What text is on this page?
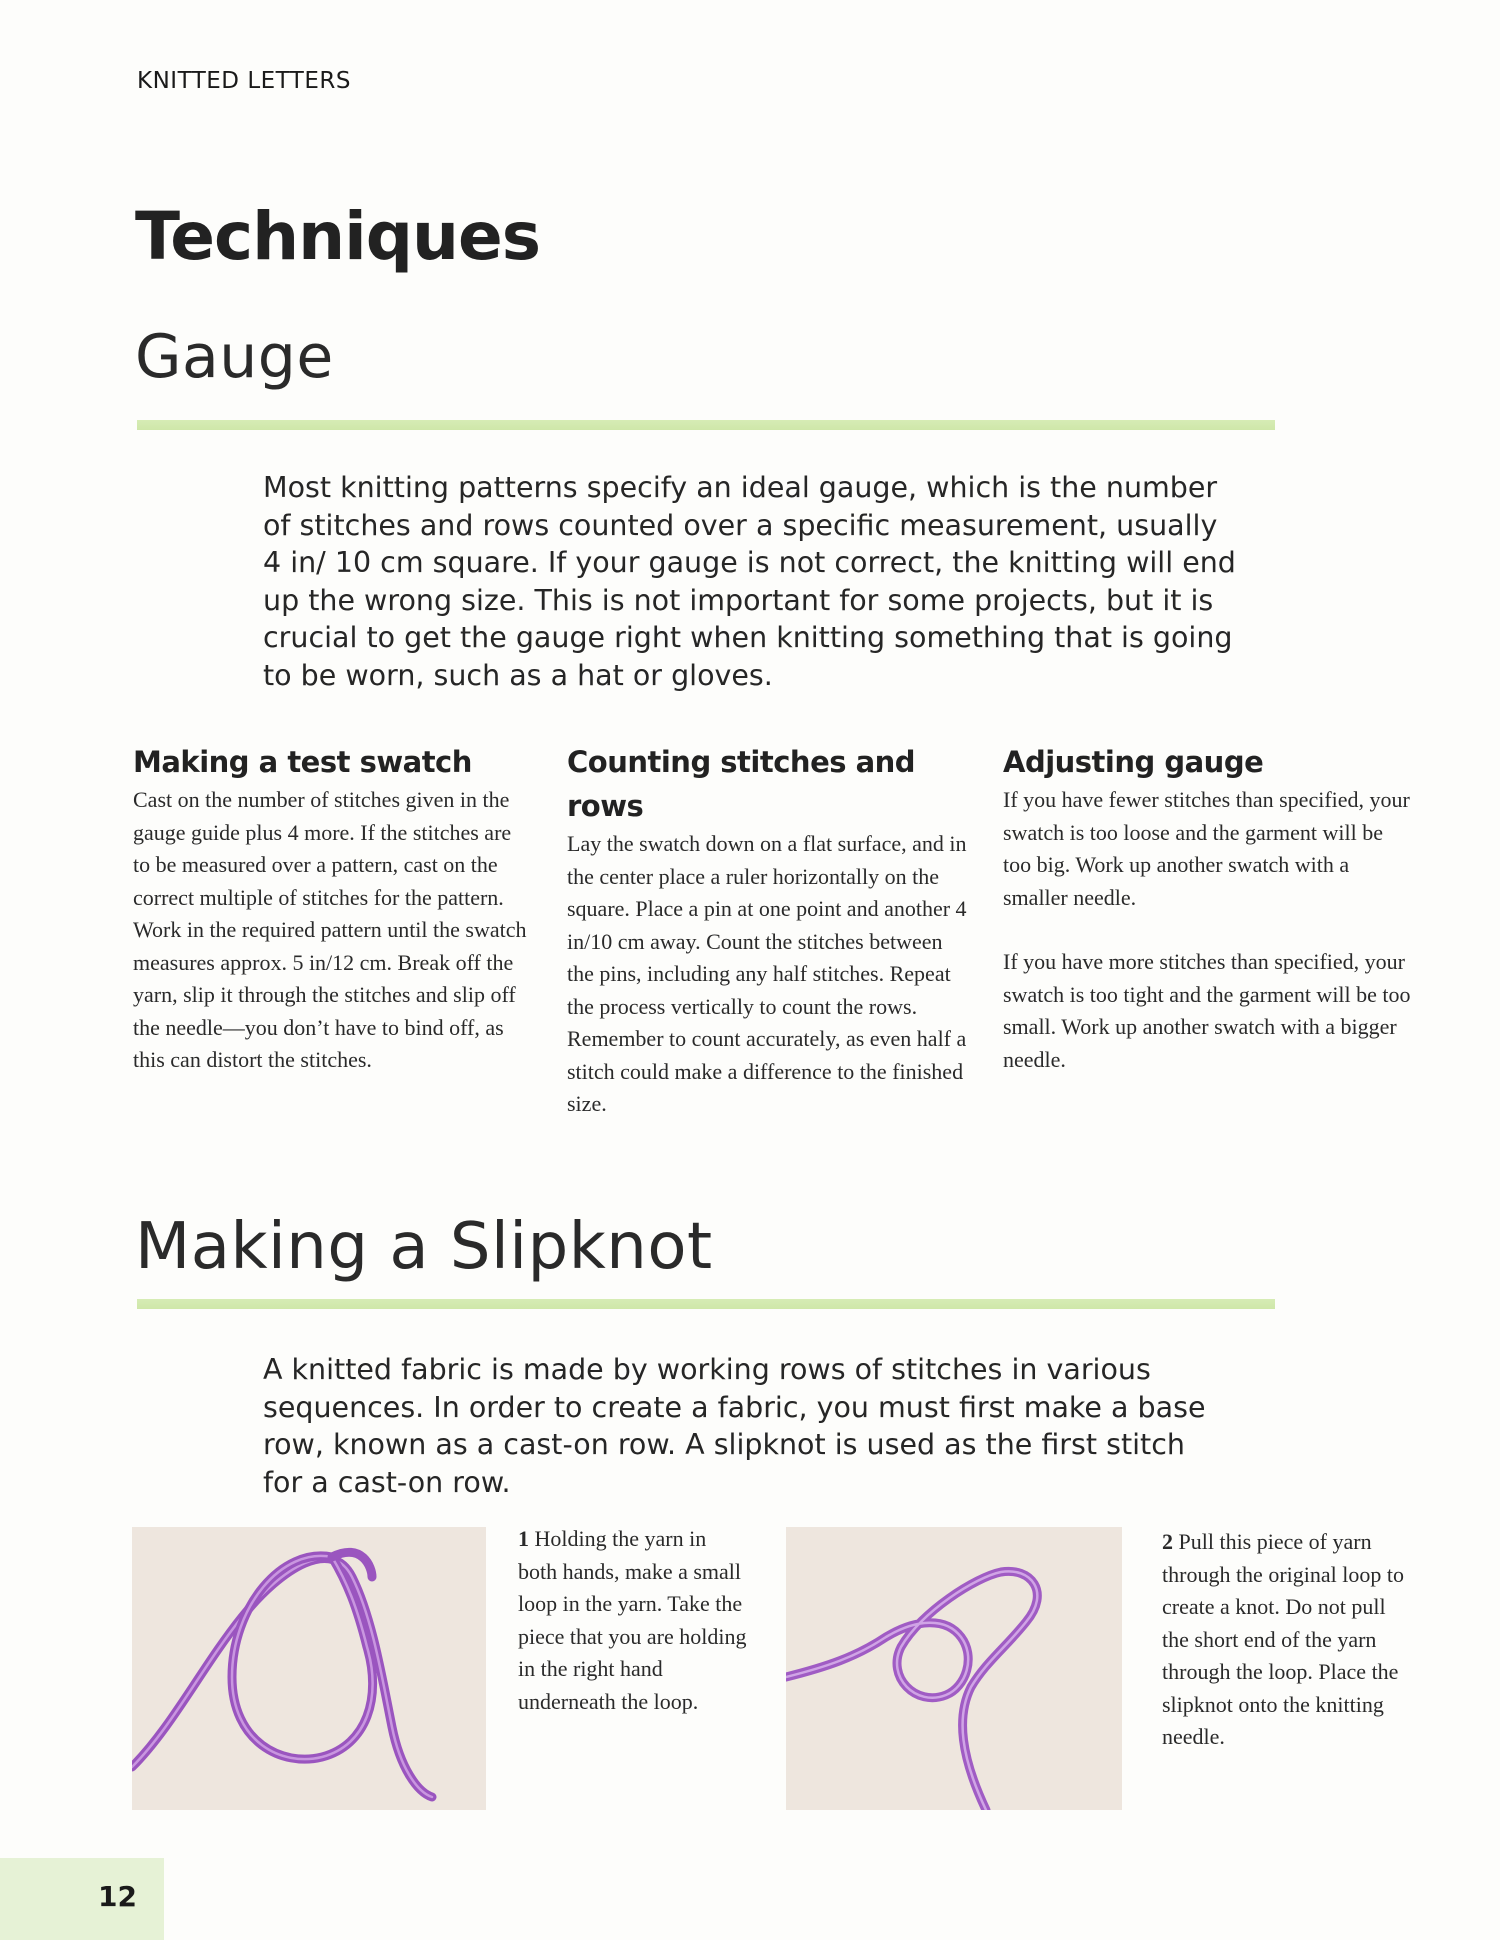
KNITTED LETTERS
Techniques
Gauge
Most knitting patterns specify an ideal gauge, which is the number of stitches and rows counted over a specific measurement, usually 4 in/ 10 cm square. If your gauge is not correct, the knitting will end up the wrong size. This is not important for some projects, but it is crucial to get the gauge right when knitting something that is going to be worn, such as a hat or gloves.
Making a test swatch
Cast on the number of stitches given in the gauge guide plus 4 more. If the stitches are to be measured over a pattern, cast on the correct multiple of stitches for the pattern. Work in the required pattern until the swatch measures approx. 5 in/12 cm. Break off the yarn, slip it through the stitches and slip off the needle—you don’t have to bind off, as this can distort the stitches.
Counting stitches and rows
Lay the swatch down on a flat surface, and in the center place a ruler horizontally on the square. Place a pin at one point and another 4 in/10 cm away. Count the stitches between the pins, including any half stitches. Repeat the process vertically to count the rows. Remember to count accurately, as even half a stitch could make a difference to the finished size.
Adjusting gauge
If you have fewer stitches than specified, your swatch is too loose and the garment will be too big. Work up another swatch with a smaller needle.
If you have more stitches than specified, your swatch is too tight and the garment will be too small. Work up another swatch with a bigger needle.
Making a Slipknot
A knitted fabric is made by working rows of stitches in various sequences. In order to create a fabric, you must first make a base row, known as a cast-on row. A slipknot is used as the first stitch for a cast-on row.
1 Holding the yarn in both hands, make a small loop in the yarn. Take the piece that you are holding in the right hand underneath the loop.
2 Pull this piece of yarn through the original loop to create a knot. Do not pull the short end of the yarn through the loop. Place the slipknot onto the knitting needle.
12
